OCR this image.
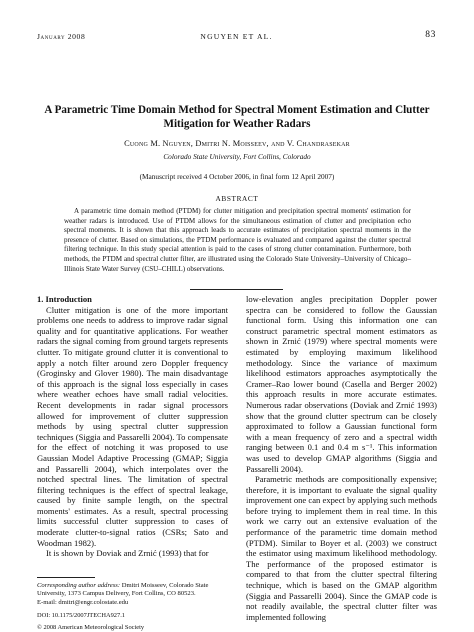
January 2008	NGUYEN ET AL.	83
A Parametric Time Domain Method for Spectral Moment Estimation and Clutter
Mitigation for Weather Radars
Cuong M. Nguyen, Dmitri N. Moisseev, and V. Chandrasekar
Colorado State University, Fort Collins, Colorado
(Manuscript received 4 October 2006, in final form 12 April 2007)
ABSTRACT
A parametric time domain method (PTDM) for clutter mitigation and precipitation spectral moments' estimation for weather radars is introduced. Use of PTDM allows for the simultaneous estimation of clutter and precipitation echo spectral moments. It is shown that this approach leads to accurate estimates of precipitation spectral moments in the presence of clutter. Based on simulations, the PTDM performance is evaluated and compared against the clutter spectral filtering technique. In this study special attention is paid to the cases of strong clutter contamination. Furthermore, both methods, the PTDM and spectral clutter filter, are illustrated using the Colorado State University–University of Chicago–Illinois State Water Survey (CSU–CHILL) observations.

1. Introduction

Clutter mitigation is one of the more important problems one needs to address to improve radar signal quality and for quantitative applications. For weather radars the signal coming from ground targets represents clutter. To mitigate ground clutter it is conventional to apply a notch filter around zero Doppler frequency (Groginsky and Glover 1980). The main disadvantage of this approach is the signal loss especially in cases where weather echoes have small radial velocities. Recent developments in radar signal processors allowed for improvement of clutter suppression methods by using spectral clutter suppression techniques (Siggia and Passarelli 2004). To compensate for the effect of notching it was proposed to use Gaussian Model Adaptive Processing (GMAP; Siggia and Passarelli 2004), which interpolates over the notched spectral lines. The limitation of spectral filtering techniques is the effect of spectral leakage, caused by finite sample length, on the spectral moments' estimates. As a result, spectral processing limits successful clutter suppression to cases of moderate clutter-to-signal ratios (CSRs; Sato and Woodman 1982).

It is shown by Doviak and Zrnić (1993) that for

low-elevation angles precipitation Doppler power spectra can be considered to follow the Gaussian functional form. Using this information one can construct parametric spectral moment estimators as shown in Zrnić (1979) where spectral moments were estimated by employing maximum likelihood methodology. Since the variance of maximum likelihood estimators approaches asymptotically the Cramer–Rao lower bound (Casella and Berger 2002) this approach results in more accurate estimates. Numerous radar observations (Doviak and Zrnić 1993) show that the ground clutter spectrum can be closely approximated to follow a Gaussian functional form with a mean frequency of zero and a spectral width ranging between 0.1 and 0.4 m s⁻¹. This information was used to develop GMAP algorithms (Siggia and Passarelli 2004).

Parametric methods are compositionally expensive; therefore, it is important to evaluate the signal quality improvement one can expect by applying such methods before trying to implement them in real time. In this work we carry out an extensive evaluation of the performance of the parametric time domain method (PTDM). Similar to Boyer et al. (2003) we construct the estimator using maximum likelihood methodology. The performance of the proposed estimator is compared to that from the clutter spectral filtering technique, which is based on the GMAP algorithm (Siggia and Passarelli 2004). Since the GMAP code is not readily available, the spectral clutter filter was implemented following

Corresponding author address: Dmitri Moisseev, Colorado State University, 1373 Campus Delivery, Fort Collins, CO 80523.
E-mail: dmitri@engr.colostate.edu
DOI: 10.1175/2007JTECHA927.1
© 2008 American Meteorological Society
